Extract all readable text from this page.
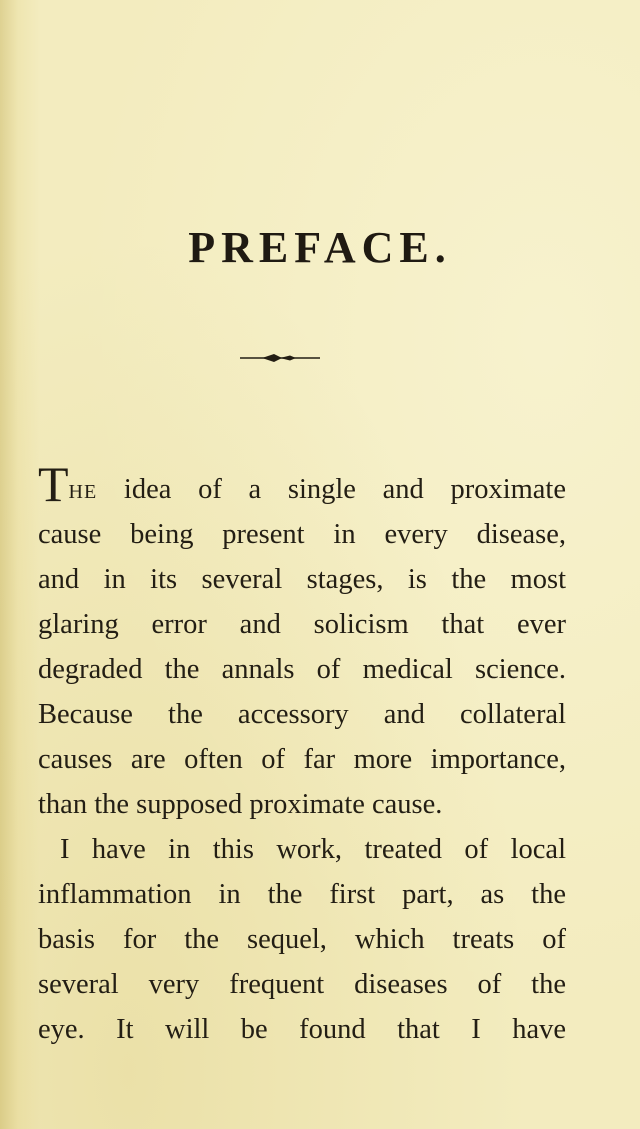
PREFACE.
THE idea of a single and proximate
cause being present in every disease,
and in its several stages, is the most
glaring error and solicism that ever
degraded the annals of medical science.
Because the accessory and collateral
causes are often of far more importance,
than the supposed proximate cause.
I have in this work, treated of local
inflammation in the first part, as the
basis for the sequel, which treats of
several very frequent diseases of the
eye. It will be found that I have
